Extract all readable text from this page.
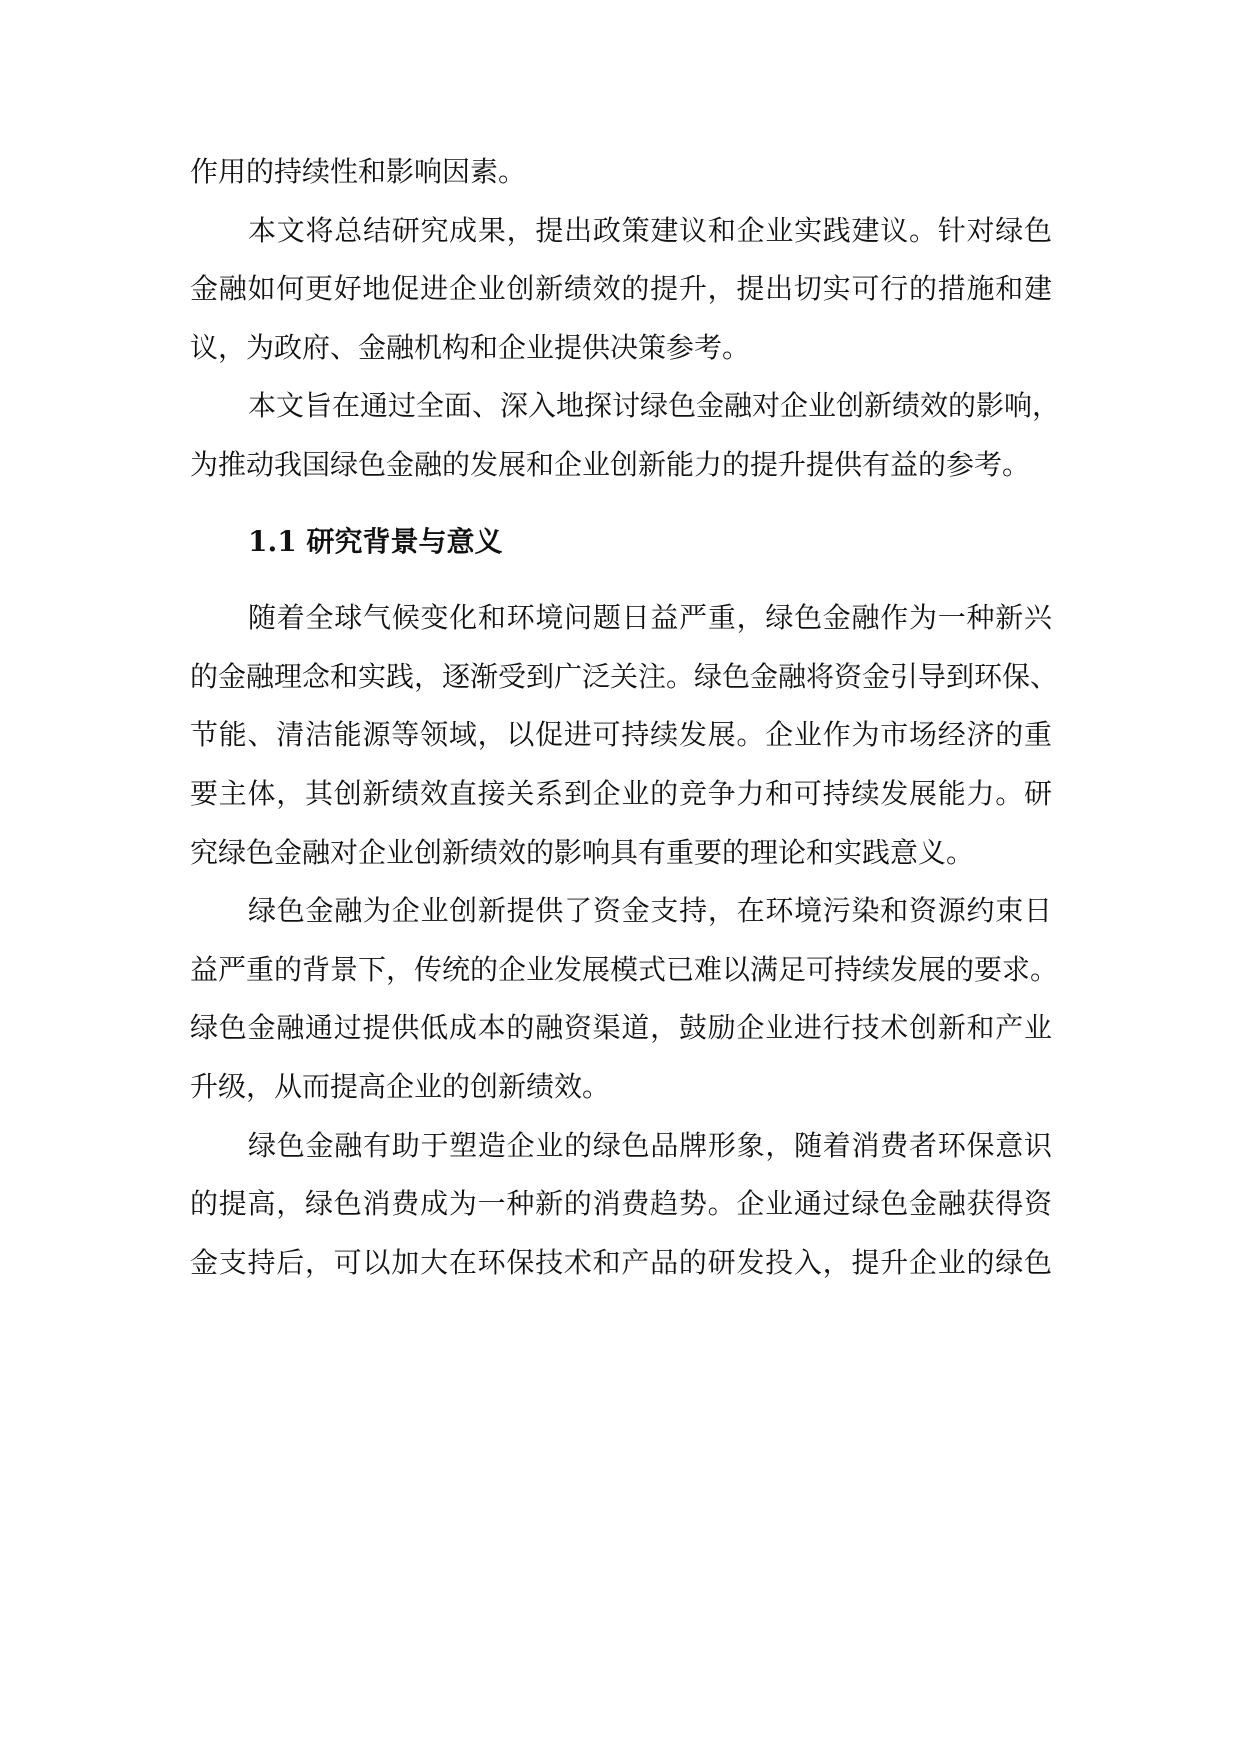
作用的持续性和影响因素。
本文将总结研究成果，提出政策建议和企业实践建议。针对绿色
金融如何更好地促进企业创新绩效的提升，提出切实可行的措施和建
议，为政府、金融机构和企业提供决策参考。
本文旨在通过全面、深入地探讨绿色金融对企业创新绩效的影响，
为推动我国绿色金融的发展和企业创新能力的提升提供有益的参考。
1.1 研究背景与意义
随着全球气候变化和环境问题日益严重，绿色金融作为一种新兴
的金融理念和实践，逐渐受到广泛关注。绿色金融将资金引导到环保、
节能、清洁能源等领域，以促进可持续发展。企业作为市场经济的重
要主体，其创新绩效直接关系到企业的竞争力和可持续发展能力。研
究绿色金融对企业创新绩效的影响具有重要的理论和实践意义。
绿色金融为企业创新提供了资金支持，在环境污染和资源约束日
益严重的背景下，传统的企业发展模式已难以满足可持续发展的要求。
绿色金融通过提供低成本的融资渠道，鼓励企业进行技术创新和产业
升级，从而提高企业的创新绩效。
绿色金融有助于塑造企业的绿色品牌形象，随着消费者环保意识
的提高，绿色消费成为一种新的消费趋势。企业通过绿色金融获得资
金支持后，可以加大在环保技术和产品的研发投入，提升企业的绿色
